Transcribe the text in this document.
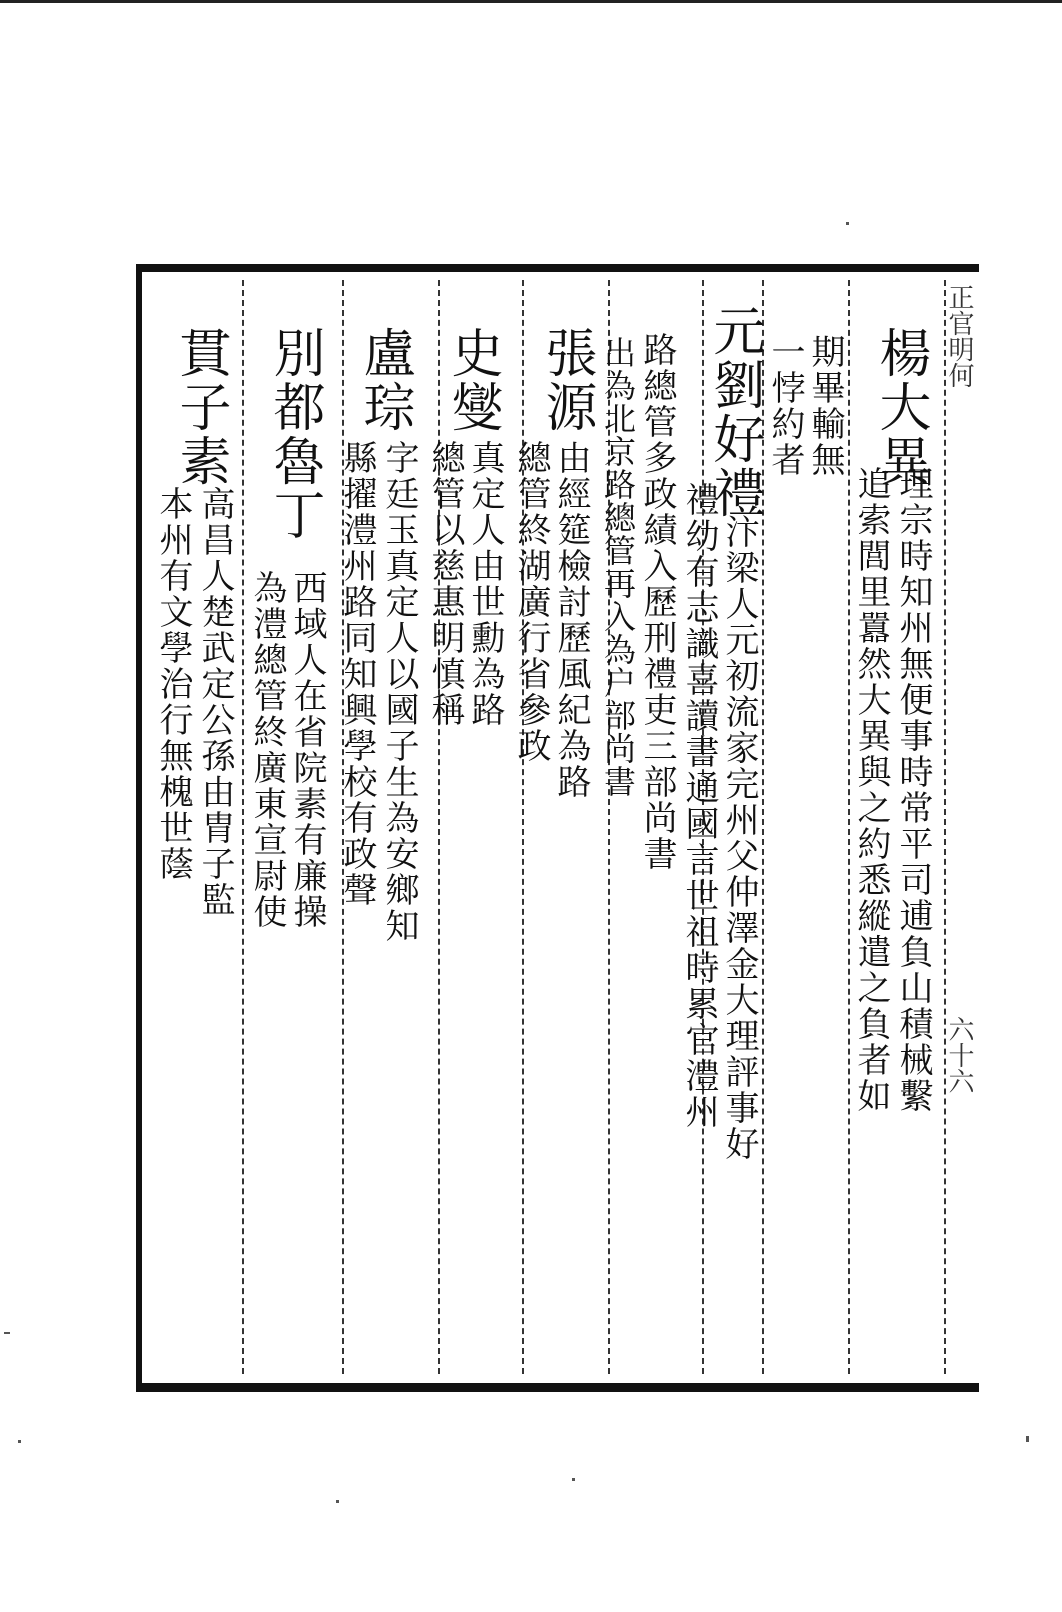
楊大異
理宗時知州無便事時常平司逋負山積械繫
追索閭里囂然大異與之約悉縱遣之負者如
期畢輸無
一悖約者
元劉好禮
汴梁人元初流家完州父仲澤金大理評事好
禮幼有志識喜讀書通國言世祖時累官澧州
路總管多政績入歷刑禮吏三部尚書
出為北京路總管再入為户部尚書
張源
由經筵檢討歷風紀為路
總管終湖廣行省參政
史燮
真定人由世勳為路
總管以慈惠明慎稱
盧琮
字廷玉真定人以國子生為安鄉知
縣擢澧州路同知興學校有政聲
別都魯丁
西域人在省院素有廉操
為澧總管終廣東宣尉使
貫子素
高昌人楚武定公孫由胄子監
本州有文學治行無槐世蔭
正官明何
六十六
